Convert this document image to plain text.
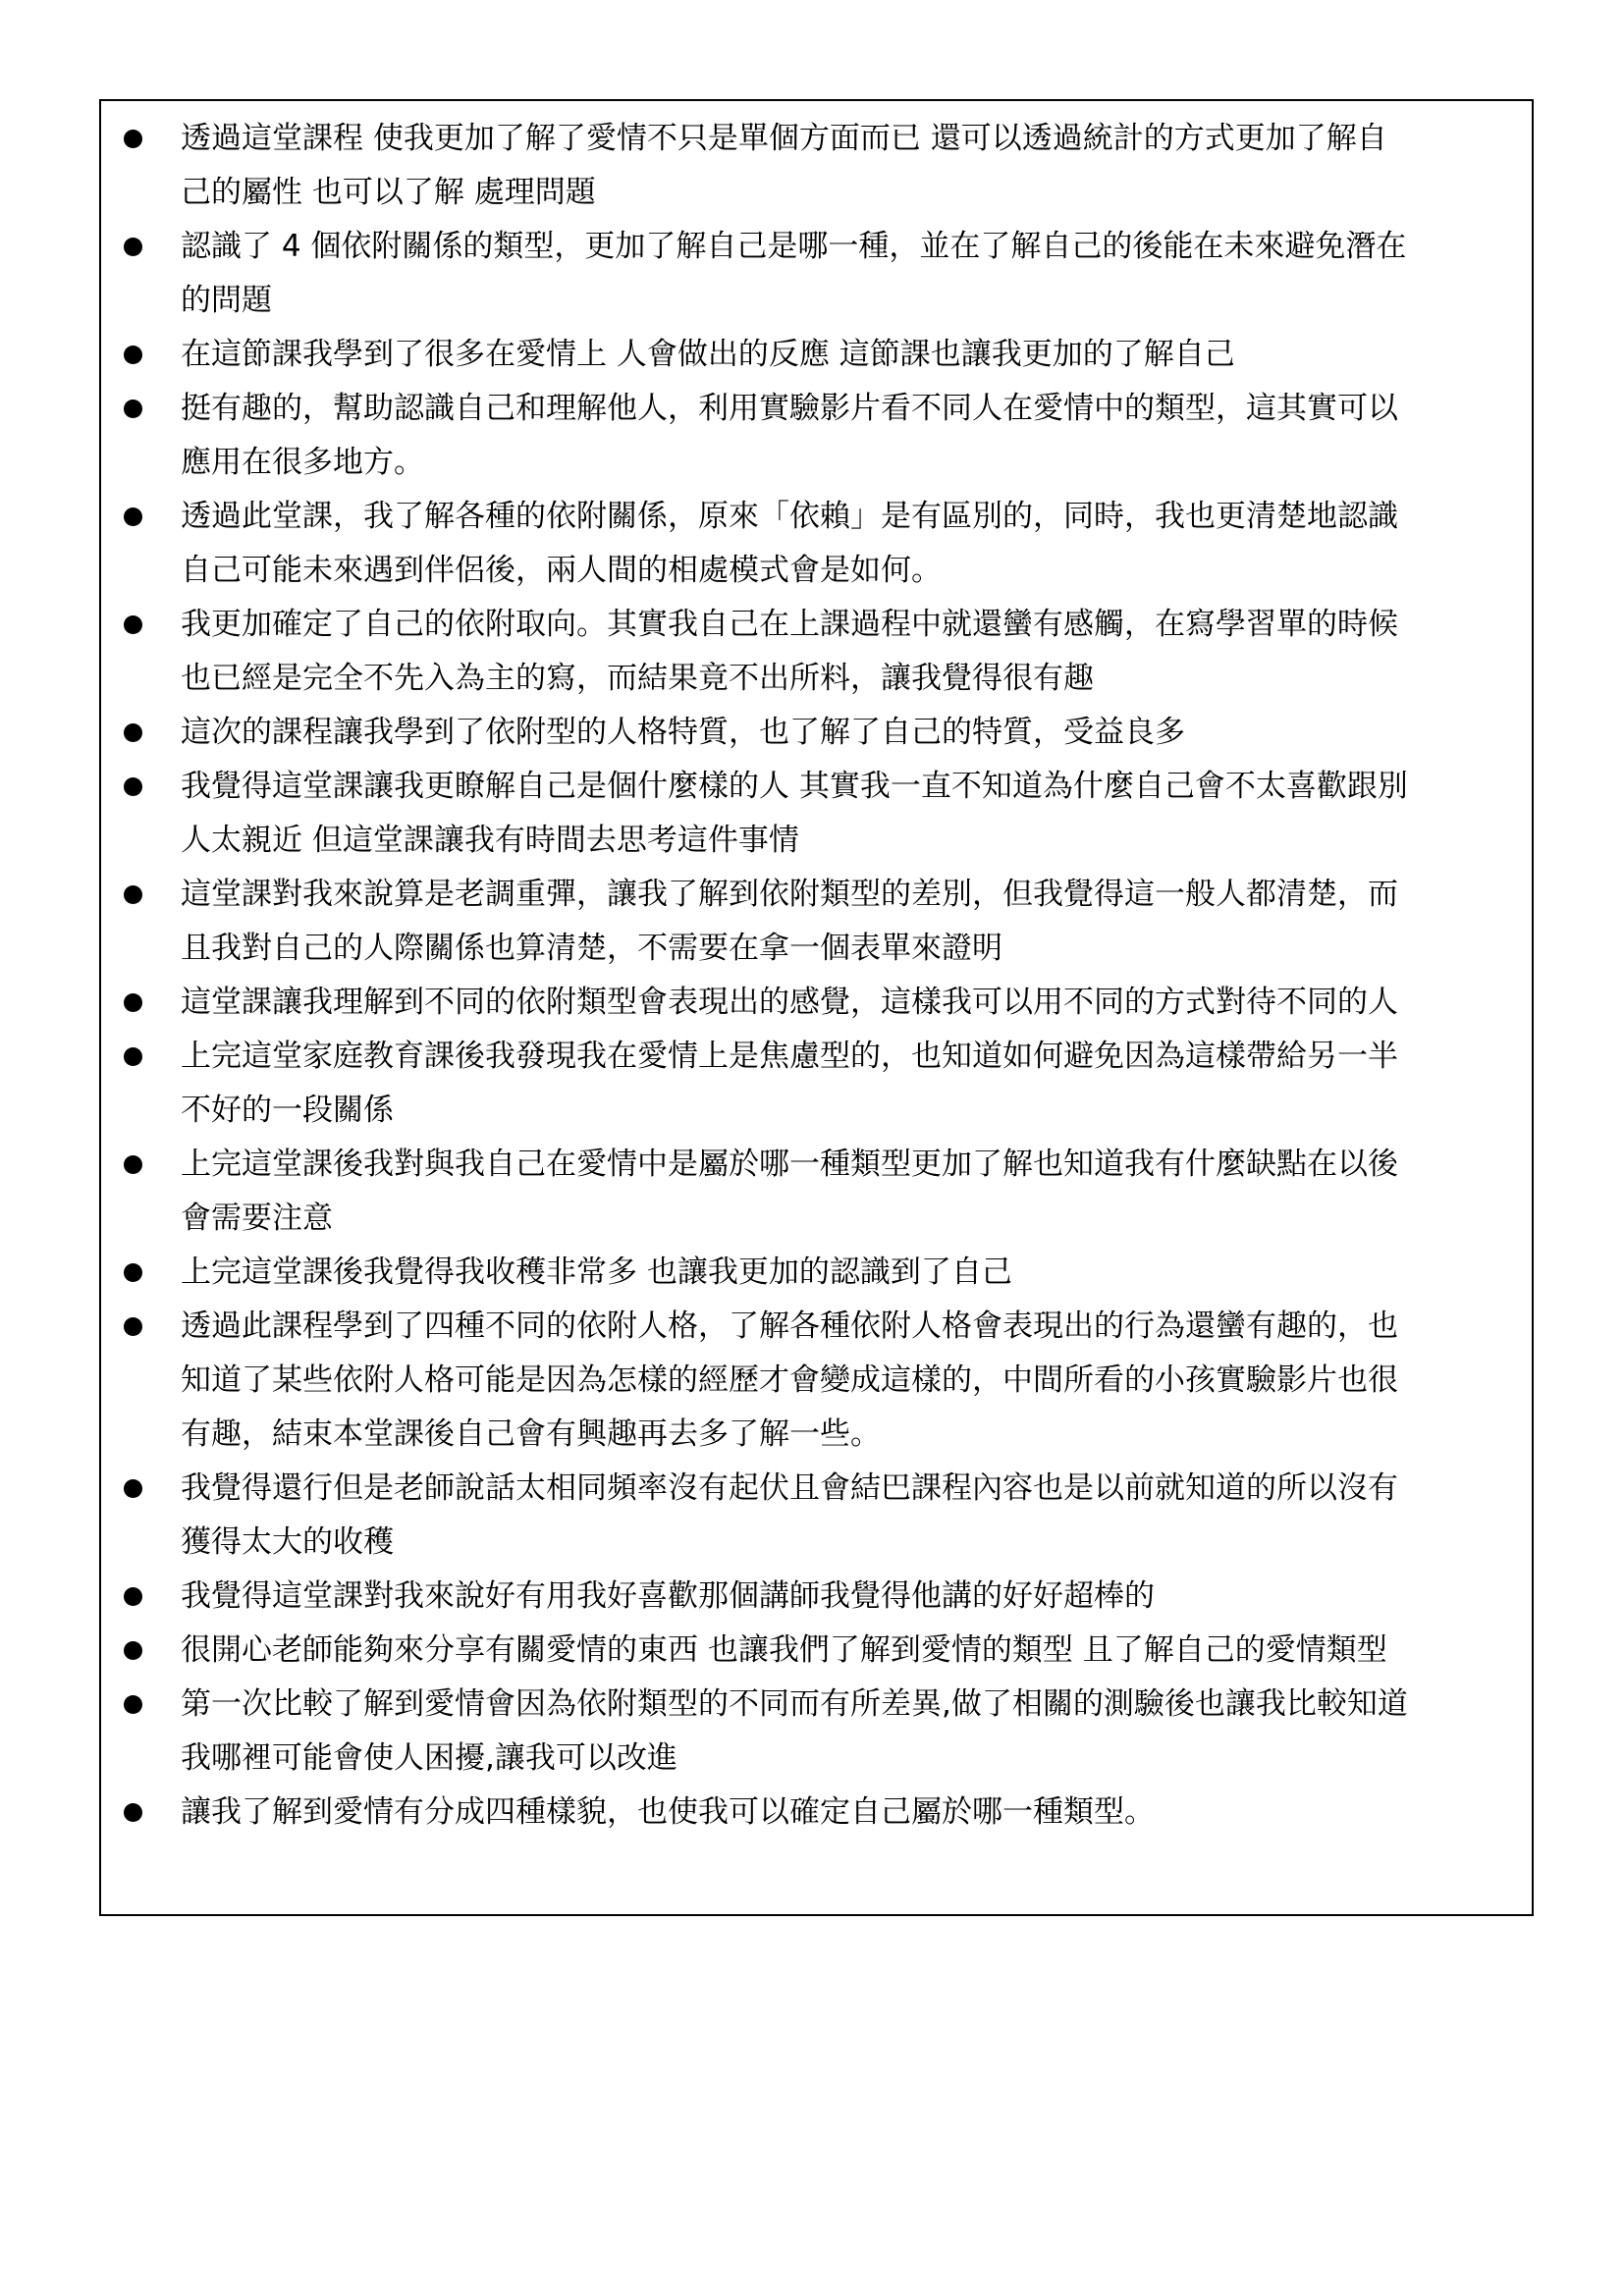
透過這堂課程 使我更加了解了愛情不只是單個方面而已 還可以透過統計的方式更加了解自
己的屬性 也可以了解 處理問題
認識了 4 個依附關係的類型，更加了解自己是哪一種，並在了解自己的後能在未來避免潛在
的問題
在這節課我學到了很多在愛情上 人會做出的反應 這節課也讓我更加的了解自己
挺有趣的，幫助認識自己和理解他人，利用實驗影片看不同人在愛情中的類型，這其實可以
應用在很多地方。
透過此堂課，我了解各種的依附關係，原來「依賴」是有區別的，同時，我也更清楚地認識
自己可能未來遇到伴侶後，兩人間的相處模式會是如何。
我更加確定了自己的依附取向。其實我自己在上課過程中就還蠻有感觸，在寫學習單的時候
也已經是完全不先入為主的寫，而結果竟不出所料，讓我覺得很有趣
這次的課程讓我學到了依附型的人格特質，也了解了自己的特質，受益良多
我覺得這堂課讓我更瞭解自己是個什麼樣的人 其實我一直不知道為什麼自己會不太喜歡跟別
人太親近 但這堂課讓我有時間去思考這件事情
這堂課對我來說算是老調重彈，讓我了解到依附類型的差別，但我覺得這一般人都清楚，而
且我對自己的人際關係也算清楚，不需要在拿一個表單來證明
這堂課讓我理解到不同的依附類型會表現出的感覺，這樣我可以用不同的方式對待不同的人
上完這堂家庭教育課後我發現我在愛情上是焦慮型的，也知道如何避免因為這樣帶給另一半
不好的一段關係
上完這堂課後我對與我自己在愛情中是屬於哪一種類型更加了解也知道我有什麼缺點在以後
會需要注意
上完這堂課後我覺得我收穫非常多 也讓我更加的認識到了自己
透過此課程學到了四種不同的依附人格，了解各種依附人格會表現出的行為還蠻有趣的，也
知道了某些依附人格可能是因為怎樣的經歷才會變成這樣的，中間所看的小孩實驗影片也很
有趣，結束本堂課後自己會有興趣再去多了解一些。
我覺得還行但是老師說話太相同頻率沒有起伏且會結巴課程內容也是以前就知道的所以沒有
獲得太大的收穫
我覺得這堂課對我來說好有用我好喜歡那個講師我覺得他講的好好超棒的
很開心老師能夠來分享有關愛情的東西 也讓我們了解到愛情的類型 且了解自己的愛情類型
第一次比較了解到愛情會因為依附類型的不同而有所差異,做了相關的測驗後也讓我比較知道
我哪裡可能會使人困擾,讓我可以改進
讓我了解到愛情有分成四種樣貌，也使我可以確定自己屬於哪一種類型。
